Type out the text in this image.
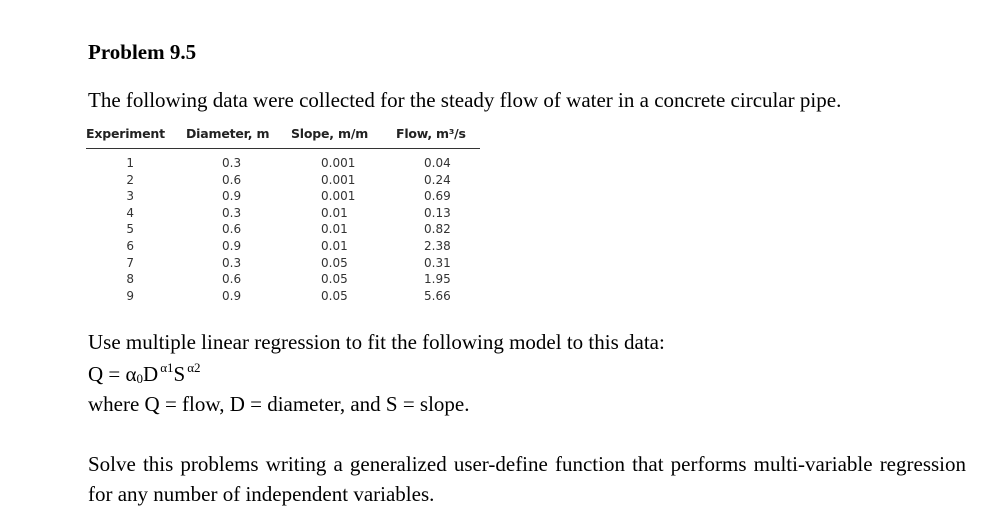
Problem 9.5
The following data were collected for the steady flow of water in a concrete circular pipe.
Experiment Diameter, m Slope, m/m Flow, m³/s
1	0.3	0.001	0.04
2	0.6	0.001	0.24
3	0.9	0.001	0.69
4	0.3	0.01	0.13
5	0.6	0.01	0.82
6	0.9	0.01	2.38
7	0.3	0.05	0.31
8	0.6	0.05	1.95
9	0.9	0.05	5.66
Use multiple linear regression to fit the following model to this data:
$Q = \alpha_0D$ $^{\alpha 1}$S $^{\alpha 2}$
where Q = flow, D = diameter, and S = slope.
Solve this problems writing a generalized user-define function that performs multi-variable regression for any number of independent variables.
